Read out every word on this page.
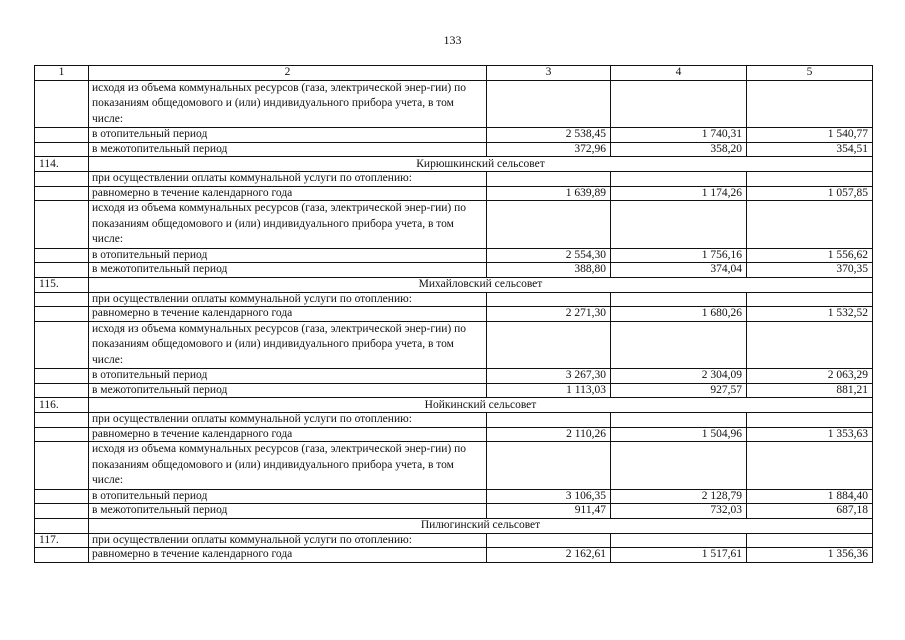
133
1	2	3	4	5
	исходя из объема коммунальных ресурсов (газа, электрической энер-гии) по показаниям общедомового и (или) индивидуального прибора учета, в том числе:			
	в отопительный период	2 538,45	1 740,31	1 540,77
	в межотопительный период	372,96	358,20	354,51
114.	Кирюшкинский сельсовет			
	при осуществлении оплаты коммунальной услуги по отоплению:			
	равномерно в течение календарного года	1 639,89	1 174,26	1 057,85
	исходя из объема коммунальных ресурсов (газа, электрической энер-гии) по показаниям общедомового и (или) индивидуального прибора учета, в том числе:			
	в отопительный период	2 554,30	1 756,16	1 556,62
	в межотопительный период	388,80	374,04	370,35
115.	Михайловский сельсовет			
	при осуществлении оплаты коммунальной услуги по отоплению:			
	равномерно в течение календарного года	2 271,30	1 680,26	1 532,52
	исходя из объема коммунальных ресурсов (газа, электрической энер-гии) по показаниям общедомового и (или) индивидуального прибора учета, в том числе:			
	в отопительный период	3 267,30	2 304,09	2 063,29
	в межотопительный период	1 113,03	927,57	881,21
116.	Нойкинский сельсовет			
	при осуществлении оплаты коммунальной услуги по отоплению:			
	равномерно в течение календарного года	2 110,26	1 504,96	1 353,63
	исходя из объема коммунальных ресурсов (газа, электрической энер-гии) по показаниям общедомового и (или) индивидуального прибора учета, в том числе:			
	в отопительный период	3 106,35	2 128,79	1 884,40
	в межотопительный период	911,47	732,03	687,18
	Пилюгинский сельсовет			
117.	при осуществлении оплаты коммунальной услуги по отоплению:			
	равномерно в течение календарного года	2 162,61	1 517,61	1 356,36
